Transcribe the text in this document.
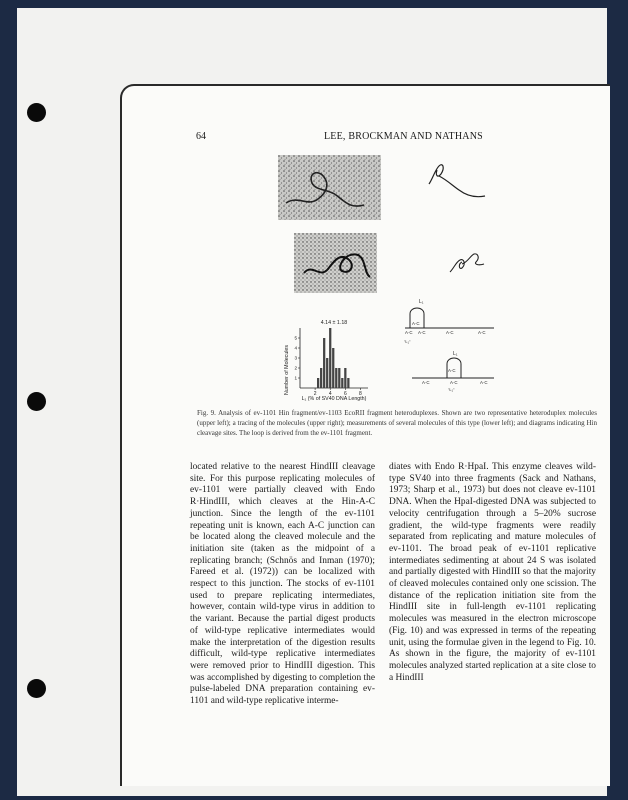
64	LEE, BROCKMAN AND NATHANS
Number of Molecules
4.14 ± 1.18
L₁ (% of SV40 DNA Length)
2 4 6 8
1
2
3
4
5
L₁
A·C
A·C A·C	A·C	A·C
"L₁"
L₁
A·C
A·C	A·C	A·C
"L₁"
Fig. 9. Analysis of ev-1101 Hin fragment/ev-1103 EcoRII fragment heteroduplexes. Shown are two representative heteroduplex molecules (upper left); a tracing of the molecules (upper right); measurements of several molecules of this type (lower left); and diagrams indicating Hin cleavage sites. The loop is derived from the ev-1101 fragment.
located relative to the nearest HindIII cleavage site. For this purpose replicating molecules of ev-1101 were partially cleaved with Endo R·HindIII, which cleaves at the Hin-A-C junction. Since the length of the ev-1101 repeating unit is known, each A-C junction can be located along the cleaved molecule and the initiation site (taken as the midpoint of a replicating branch; (Schnös and Inman (1970); Fareed et al. (1972)) can be localized with respect to this junction. The stocks of ev-1101 used to prepare replicating intermediates, however, contain wild-type virus in addition to the variant. Because the partial digest products of wild-type replicative intermediates would make the interpretation of the digestion results difficult, wild-type replicative intermediates were removed prior to HindIII digestion. This was accomplished by digesting to completion the pulse-labeled DNA preparation containing ev-1101 and wild-type replicative interme-
diates with Endo R·HpaI. This enzyme cleaves wild-type SV40 into three fragments (Sack and Nathans, 1973; Sharp et al., 1973) but does not cleave ev-1101 DNA. When the HpaI-digested DNA was subjected to velocity centrifugation through a 5–20% sucrose gradient, the wild-type fragments were readily separated from replicating and mature molecules of ev-1101. The broad peak of ev-1101 replicative intermediates sedimenting at about 24 S was isolated and partially digested with HindIII so that the majority of cleaved molecules contained only one scission. The distance of the replication initiation site from the HindIII site in full-length ev-1101 replicating molecules was measured in the electron microscope (Fig. 10) and was expressed in terms of the repeating unit, using the formulae given in the legend to Fig. 10. As shown in the figure, the majority of ev-1101 molecules analyzed started replication at a site close to a HindIII
